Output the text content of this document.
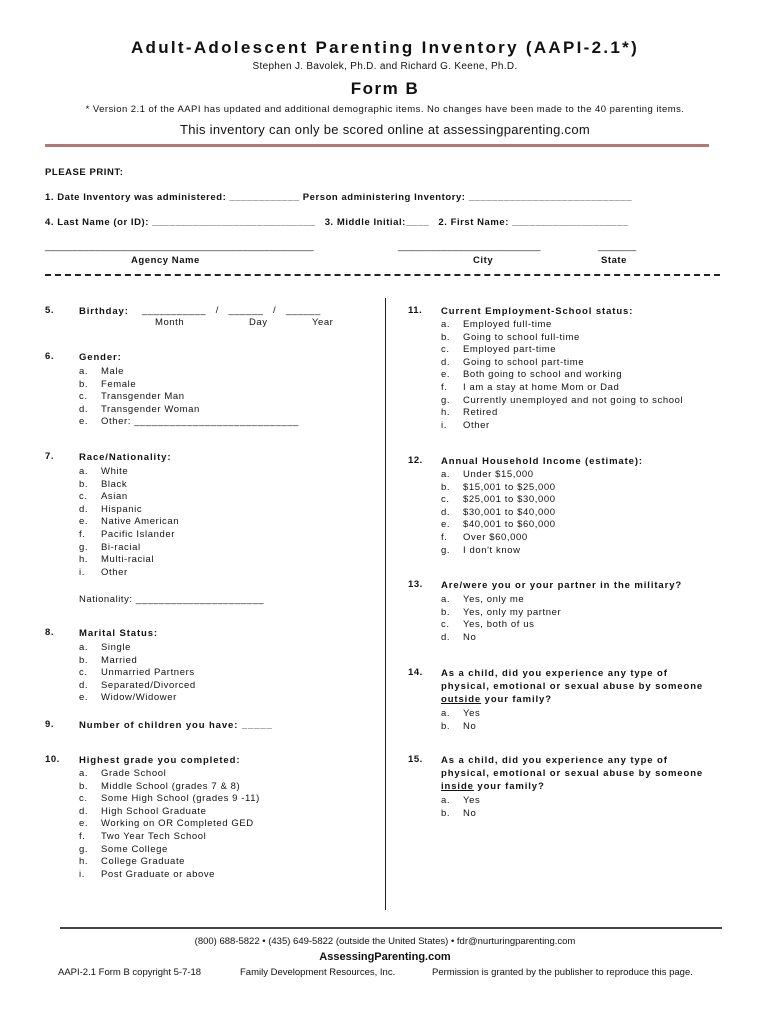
Adult-Adolescent Parenting Inventory (AAPI-2.1*)
Stephen J. Bavolek, Ph.D. and Richard G. Keene, Ph.D.
Form B
* Version 2.1 of the AAPI has updated and additional demographic items. No changes have been made to the 40 parenting items.
This inventory can only be scored online at assessingparenting.com
PLEASE PRINT:
1. Date Inventory was administered: ____________ Person administering Inventory: ____________________________
4. Last Name (or ID): ____________________________ 3. Middle Initial:____ 2. First Name: ____________________
_________________________________________________	__________________________	_______
Agency Name	City	State
5.	Birthday: ___________   /   ______   /   ______
Month	Day	Year
6.	Gender:
a. Male
b. Female
c. Transgender Man
d. Transgender Woman
e. Other: ____________________________
7.	Race/Nationality:
a. White
b. Black
c. Asian
d. Hispanic
e. Native American
f. Pacific Islander
g. Bi-racial
h. Multi-racial
i. Other
Nationality: ______________________
8.	Marital Status:
a. Single
b. Married
c. Unmarried Partners
d. Separated/Divorced
e. Widow/Widower
9.	Number of children you have: _____
10. Highest grade you completed:
a. Grade School
b. Middle School (grades 7 & 8)
c. Some High School (grades 9 -11)
d. High School Graduate
e. Working on OR Completed GED
f. Two Year Tech School
g. Some College
h. College Graduate
i. Post Graduate or above
11. Current Employment-School status:
a. Employed full-time
b. Going to school full-time
c. Employed part-time
d. Going to school part-time
e. Both going to school and working
f. I am a stay at home Mom or Dad
g. Currently unemployed and not going to school
h. Retired
i. Other
12. Annual Household Income (estimate):
a. Under $15,000
b. $15,001 to $25,000
c. $25,001 to $30,000
d. $30,001 to $40,000
e. $40,001 to $60,000
f. Over $60,000
g. I don't know
13. Are/were you or your partner in the military?
a. Yes, only me
b. Yes, only my partner
c. Yes, both of us
d. No
14. As a child, did you experience any type of
physical, emotional or sexual abuse by someone
outside your family?
a. Yes
b. No
15. As a child, did you experience any type of
physical, emotional or sexual abuse by someone
inside your family?
a. Yes
b. No
(800) 688-5822 • (435) 649-5822 (outside the United States) • fdr@nurturingparenting.com
AssessingParenting.com
AAPI-2.1 Form B copyright 5-7-18	Family Development Resources, Inc.	Permission is granted by the publisher to reproduce this page.
